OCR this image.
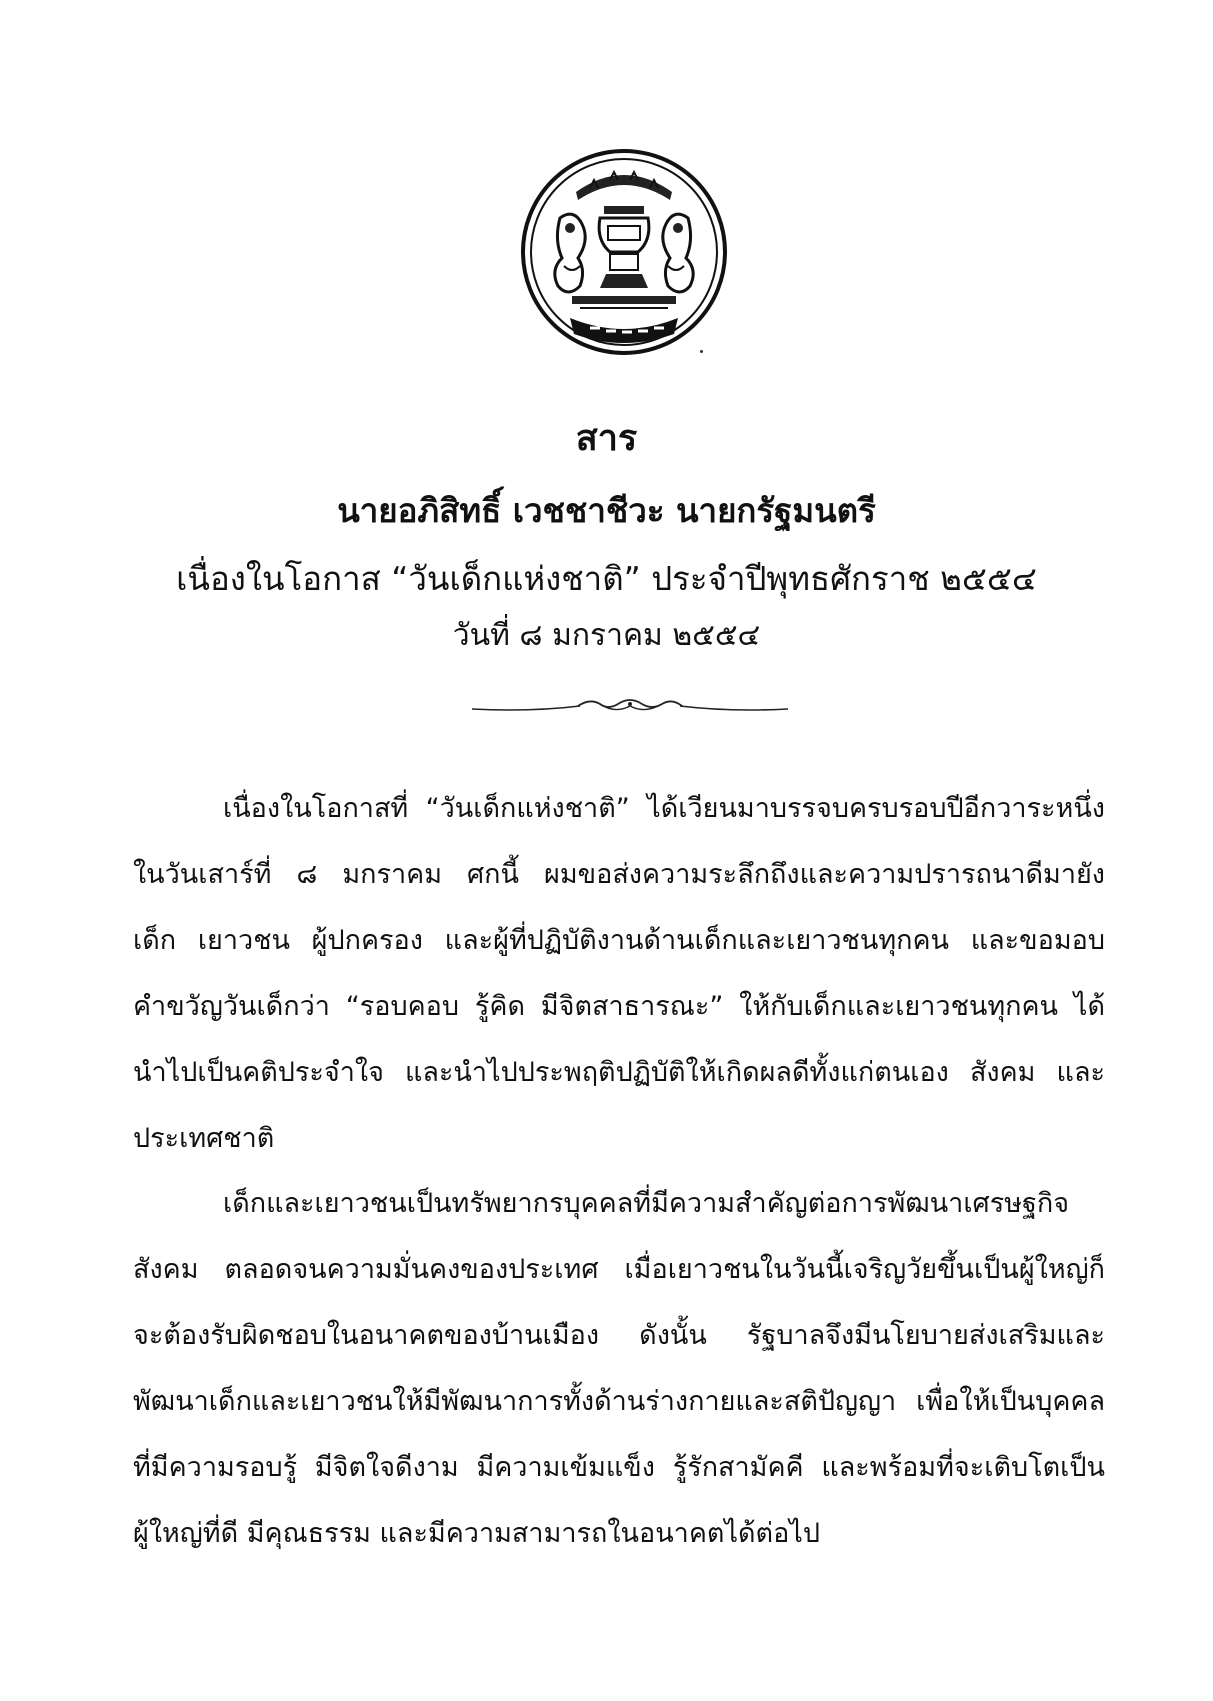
สาร
นายอภิสิทธิ์ เวชชาชีวะ นายกรัฐมนตรี
เนื่องในโอกาส “วันเด็กแห่งชาติ” ประจำปีพุทธศักราช ๒๕๕๔
วันที่ ๘ มกราคม ๒๕๕๔
เนื่องในโอกาสที่ “วันเด็กแห่งชาติ” ได้เวียนมาบรรจบครบรอบปีอีกวาระหนึ่ง
ในวันเสาร์ที่ ๘ มกราคม ศกนี้ ผมขอส่งความระลึกถึงและความปรารถนาดีมายัง
เด็ก เยาวชน ผู้ปกครอง และผู้ที่ปฏิบัติงานด้านเด็กและเยาวชนทุกคน และขอมอบ
คำขวัญวันเด็กว่า “รอบคอบ รู้คิด มีจิตสาธารณะ” ให้กับเด็กและเยาวชนทุกคน ได้
นำไปเป็นคติประจำใจ และนำไปประพฤติปฏิบัติให้เกิดผลดีทั้งแก่ตนเอง สังคม และ
ประเทศชาติ
เด็กและเยาวชนเป็นทรัพยากรบุคคลที่มีความสำคัญต่อการพัฒนาเศรษฐกิจ
สังคม ตลอดจนความมั่นคงของประเทศ เมื่อเยาวชนในวันนี้เจริญวัยขึ้นเป็นผู้ใหญ่ก็
จะต้องรับผิดชอบในอนาคตของบ้านเมือง ดังนั้น รัฐบาลจึงมีนโยบายส่งเสริมและ
พัฒนาเด็กและเยาวชนให้มีพัฒนาการทั้งด้านร่างกายและสติปัญญา เพื่อให้เป็นบุคคล
ที่มีความรอบรู้ มีจิตใจดีงาม มีความเข้มแข็ง รู้รักสามัคคี และพร้อมที่จะเติบโตเป็น
ผู้ใหญ่ที่ดี มีคุณธรรม และมีความสามารถในอนาคตได้ต่อไป
